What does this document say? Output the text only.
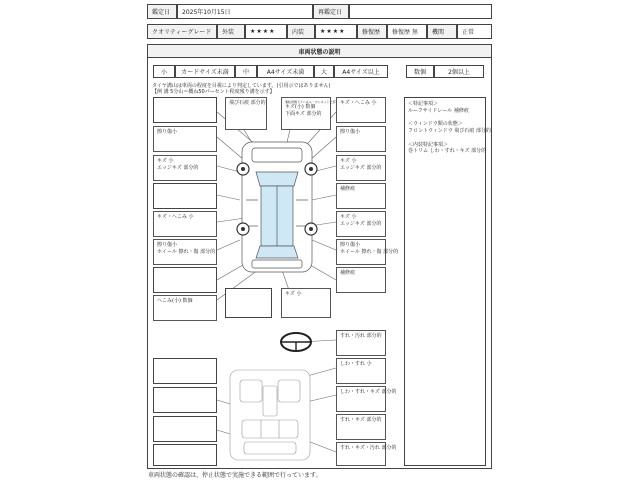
鑑定日	2025年10月15日	再鑑定日
クオリティーグレード	外装	★★★★	内装	★★★★	修復歴	修復歴 無	機関	正常
車両状態の説明
小	カードサイズ未満	中	A4サイズ未満	大	A4サイズ以上	数個	2個以上
タイヤ溝山は車両の程度を目視により判定しています。(引用示ではありません)
【例 溝 5分山＝概ね50パーセント程度残り溝を示す】
飛び石痕 部分的	運転席側ドアパネル・ボンネット上部
キズ(小) 数個
下面キズ 部分的
キズ・へこみ 小
擦り傷小	擦り傷小
キズ 小
エッジキズ 部分的
キズ 小
エッジキズ 部分的
補修痕
キズ・へこみ 小	キズ 小
エッジキズ 部分的
擦り傷小
ホイール 擦れ・傷 部分的
擦り傷小
ホイール 擦れ・傷 部分的
補修痕
へこみ(小) 数個
キズ 小
すれ・汚れ 部分的
しわ・すれ 小
しわ・すれ・キズ 部分的
すれ・キズ 部分的
すれ・キズ・汚れ 部分的
＜特記事項＞
ルーフサイドレール 補修痕

＜ウィンドウ類の状態＞
フロントウィンドウ 飛び石痕 部分的

＜内装特記事項＞
巻トリム しわ・すれ・キズ 部分的
車両状態の確認は、停止状態で実施できる範囲で行っています。
